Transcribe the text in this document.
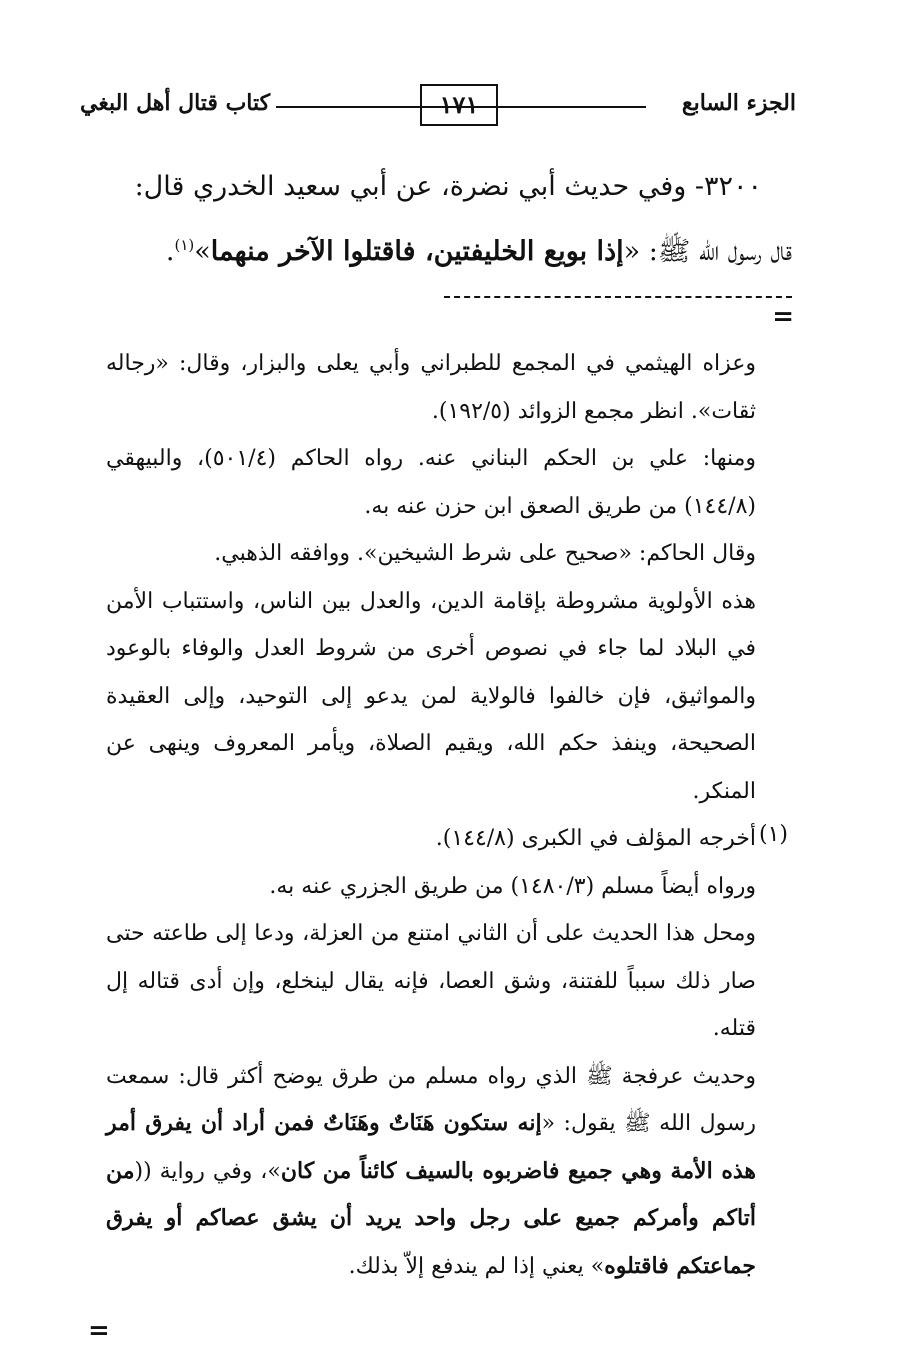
الجزء السابع
١٧١
كتاب قتال أهل البغي
٣٢٠٠- وفي حديث أبي نضرة، عن أبي سعيد الخدري قال:
قال رسول الله ﷺ: «إذا بويع الخليفتين، فاقتلوا الآخر منهما»$^{(١)}$.
=

وعزاه الهيثمي في المجمع للطبراني وأبي يعلى والبزار، وقال: «رجاله ثقات». انظر مجمع الزوائد (١٩٢/٥).

ومنها: علي بن الحكم البناني عنه. رواه الحاكم (٥٠١/٤)، والبيهقي (١٤٤/٨) من طريق الصعق ابن حزن عنه به.

وقال الحاكم: «صحيح على شرط الشيخين». ووافقه الذهبي.

هذه الأولوية مشروطة بإقامة الدين، والعدل بين الناس، واستتباب الأمن في البلاد لما جاء في نصوص أخرى من شروط العدل والوفاء بالوعود والمواثيق، فإن خالفوا فالولاية لمن يدعو إلى التوحيد، وإلى العقيدة الصحيحة، وينفذ حكم الله، ويقيم الصلاة، ويأمر المعروف وينهى عن المنكر.

أخرجه المؤلف في الكبرى (١٤٤/٨).

ورواه أيضاً مسلم (١٤٨٠/٣) من طريق الجزري عنه به.

ومحل هذا الحديث على أن الثاني امتنع من العزلة، ودعا إلى طاعته حتى صار ذلك سبباً للفتنة، وشق العصا، فإنه يقال لينخلع، وإن أدى قتاله إل قتله.

وحديث عرفجة ﷺ الذي رواه مسلم من طرق يوضح أكثر قال: سمعت رسول الله ﷺ يقول: «إنه ستكون هَنَاتٌ وهَنَاتٌ فمن أراد أن يفرق أمر هذه الأمة وهي جميع فاضربوه بالسيف كائناً من كان»، وفي رواية ((من أتاكم وأمركم جميع على رجل واحد يريد أن يشق عصاكم أو يفرق جماعتكم فاقتلوه» يعني إذا لم يندفع إلاّ بذلك.

(١)
=
